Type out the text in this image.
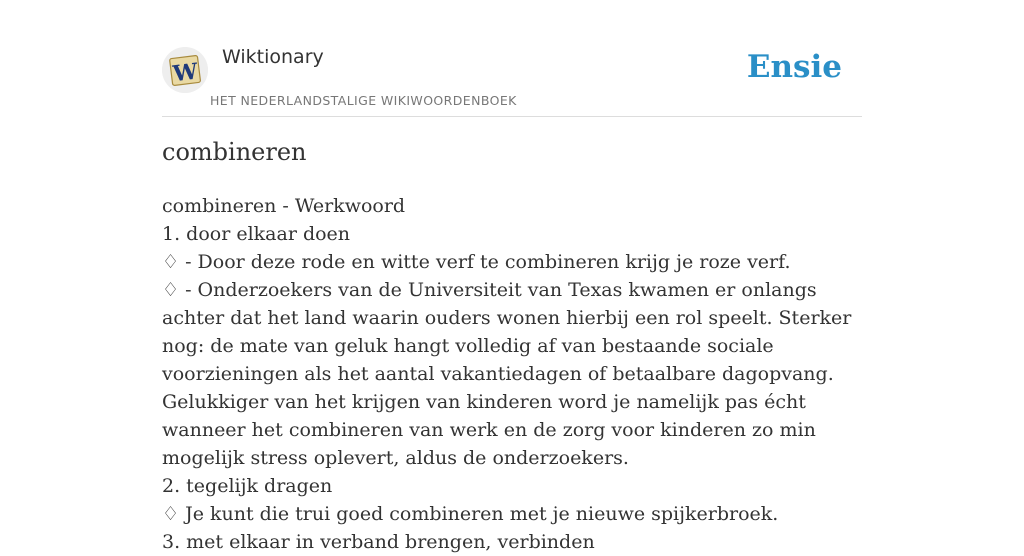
W
Wiktionary
HET NEDERLANDSTALIGE WIKIWOORDENBOEK
Ensie
combineren
combineren - Werkwoord
1. door elkaar doen
♢ - Door deze rode en witte verf te combineren krijg je roze verf.
♢ - Onderzoekers van de Universiteit van Texas kwamen er onlangs achter dat het land waarin ouders wonen hierbij een rol speelt. Sterker nog: de mate van geluk hangt volledig af van bestaande sociale voorzieningen als het aantal vakantiedagen of betaalbare dagopvang. Gelukkiger van het krijgen van kinderen word je namelijk pas écht wanneer het combineren van werk en de zorg voor kinderen zo min mogelijk stress oplevert, aldus de onderzoekers.
2. tegelijk dragen
♢ Je kunt die trui goed combineren met je nieuwe spijkerbroek.
3. met elkaar in verband brengen, verbinden
